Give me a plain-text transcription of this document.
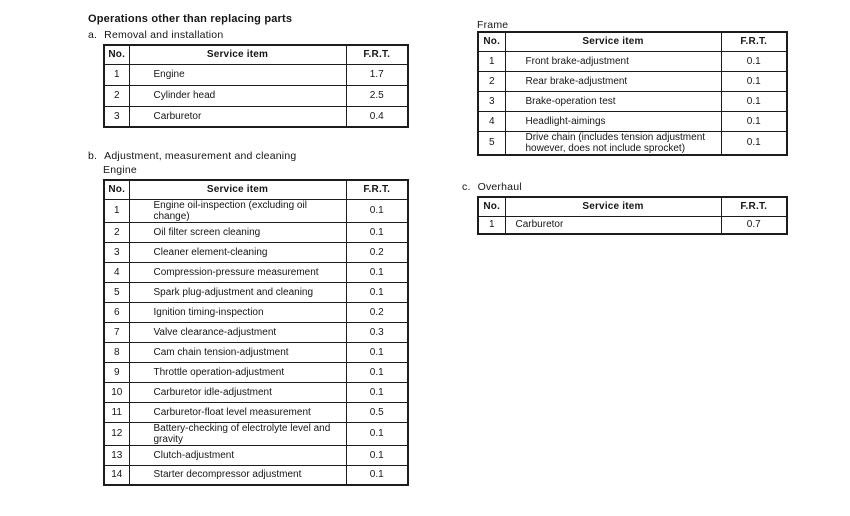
Operations other than replacing parts
a. Removal and installation
No.	Service item	F.R.T.
1	Engine	1.7
2	Cylinder head	2.5
3	Carburetor	0.4
b. Adjustment, measurement and cleaning
Engine
No.	Service item	F.R.T.
1	Engine oil-inspection (excluding oil change)	0.1
2	Oil filter screen cleaning	0.1
3	Cleaner element-cleaning	0.2
4	Compression-pressure measurement	0.1
5	Spark plug-adjustment and cleaning	0.1
6	Ignition timing-inspection	0.2
7	Valve clearance-adjustment	0.3
8	Cam chain tension-adjustment	0.1
9	Throttle operation-adjustment	0.1
10	Carburetor idle-adjustment	0.1
11	Carburetor-float level measurement	0.5
12	Battery-checking of electrolyte level and gravity	0.1
13	Clutch-adjustment	0.1
14	Starter decompressor adjustment	0.1
Frame
No.	Service item	F.R.T.
1	Front brake-adjustment	0.1
2	Rear brake-adjustment	0.1
3	Brake-operation test	0.1
4	Headlight-aimings	0.1
5	Drive chain (includes tension adjustment however, does not include sprocket)	0.1
c. Overhaul
No.	Service item	F.R.T.
1	Carburetor	0.7
